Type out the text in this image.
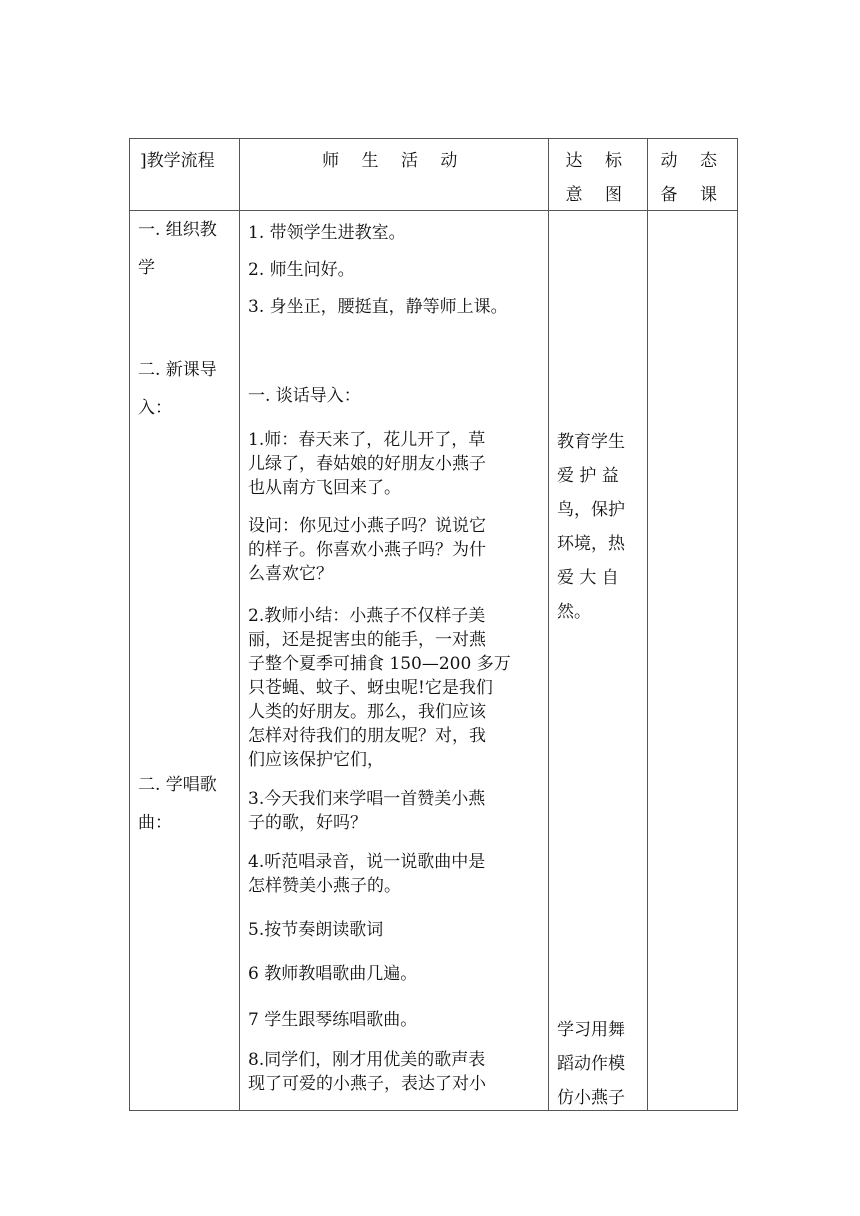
]教学流程	师 生 活 动	达 标
意 图
动 态
备 课
一. 组织教
学
二. 新课导
入：
二. 学唱歌
曲：
1. 带领学生进教室。
2. 师生问好。
3. 身坐正，腰挺直，静等师上课。
一. 谈话导入：
1.师：春天来了，花儿开了，草
儿绿了，春姑娘的好朋友小燕子
也从南方飞回来了。
设问：你见过小燕子吗？说说它
的样子。你喜欢小燕子吗？为什
么喜欢它？
2.教师小结：小燕子不仅样子美
丽，还是捉害虫的能手，一对燕
子整个夏季可捕食 150—200 多万
只苍蝇、蚊子、蚜虫呢!它是我们
人类的好朋友。那么，我们应该
怎样对待我们的朋友呢？对，我
们应该保护它们，
3.今天我们来学唱一首赞美小燕
子的歌，好吗？
4.听范唱录音，说一说歌曲中是
怎样赞美小燕子的。
5.按节奏朗读歌词
6 教师教唱歌曲几遍。
7 学生跟琴练唱歌曲。
8.同学们，刚才用优美的歌声表
现了可爱的小燕子，表达了对小
教育学生
爱 护 益
鸟，保护
环境，热
爱 大 自
然。
学习用舞
蹈动作模
仿小燕子
